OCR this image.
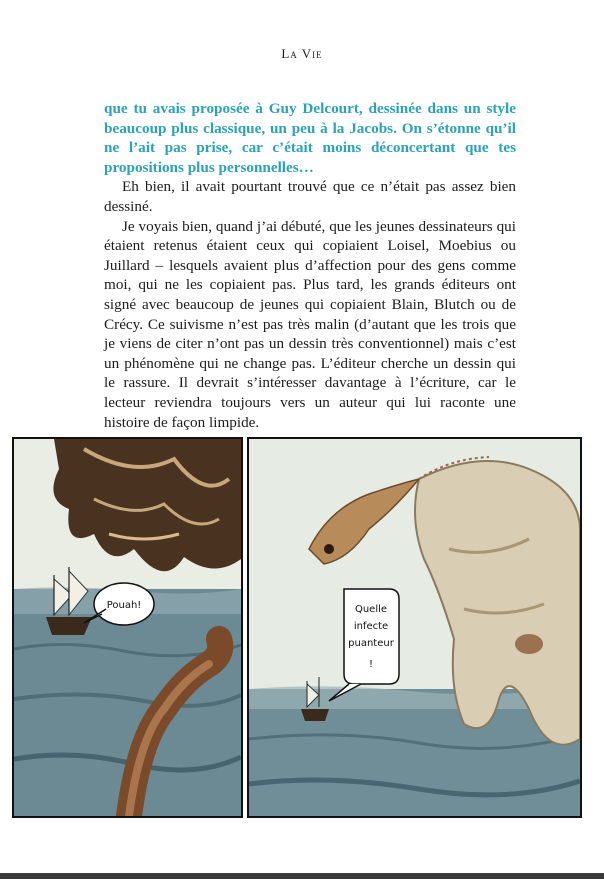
La Vie

que tu avais proposée à Guy Delcourt, dessinée dans un style beaucoup plus classique, un peu à la Jacobs. On s’étonne qu’il ne l’ait pas prise, car c’était moins déconcertant que tes propositions plus personnelles…

Eh bien, il avait pourtant trouvé que ce n’était pas assez bien dessiné.

Je voyais bien, quand j’ai débuté, que les jeunes dessinateurs qui étaient retenus étaient ceux qui copiaient Loisel, Moebius ou Juillard – lesquels avaient plus d’affection pour des gens comme moi, qui ne les copiaient pas. Plus tard, les grands éditeurs ont signé avec beaucoup de jeunes qui copiaient Blain, Blutch ou de Crécy. Ce suivisme n’est pas très malin (d’autant que les trois que je viens de citer n’ont pas un dessin très conventionnel) mais c’est un phénomène qui ne change pas. L’éditeur cherche un dessin qui le rassure. Il devrait s’intéresser davantage à l’écriture, car le lecteur reviendra toujours vers un auteur qui lui raconte une histoire de façon limpide.

Pouah!	Quelle
infecte
puanteur
!
